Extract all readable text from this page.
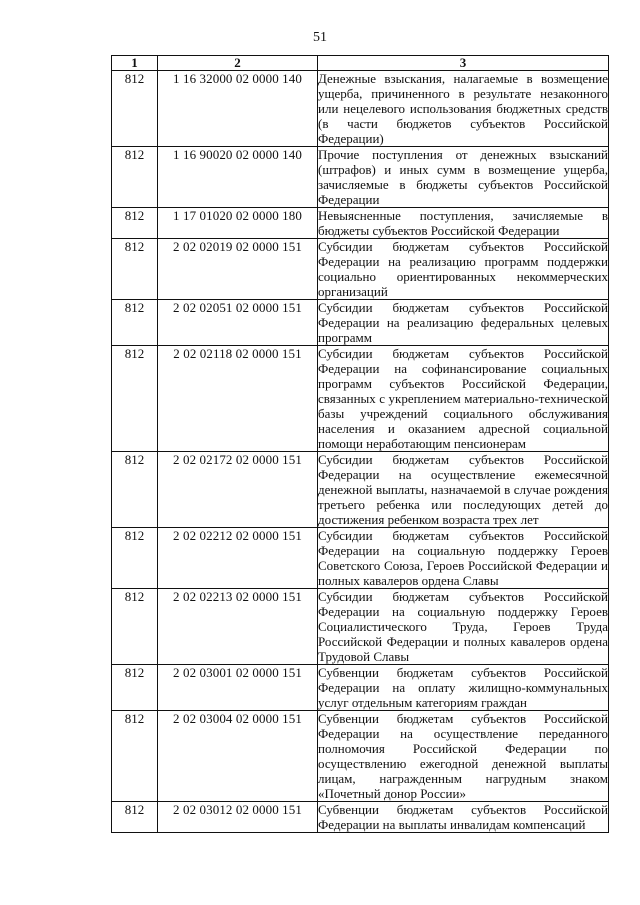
51
1	2	3
812	1 16 32000 02 0000 140	Денежные взыскания, налагаемые в возмещение ущерба, причиненного в результате незаконного или нецелевого использования бюджетных средств (в части бюджетов субъектов Российской Федерации)
812	1 16 90020 02 0000 140	Прочие поступления от денежных взысканий (штрафов) и иных сумм в возмещение ущерба, зачисляемые в бюджеты субъектов Российской Федерации
812	1 17 01020 02 0000 180	Невыясненные поступления, зачисляемые в бюджеты субъектов Российской Федерации
812	2 02 02019 02 0000 151	Субсидии бюджетам субъектов Российской Федерации на реализацию программ поддержки социально ориентированных некоммерческих организаций
812	2 02 02051 02 0000 151	Субсидии бюджетам субъектов Российской Федерации на реализацию федеральных целевых программ
812	2 02 02118 02 0000 151	Субсидии бюджетам субъектов Российской Федерации на софинансирование социальных программ субъектов Российской Федерации, связанных с укреплением материально-технической базы учреждений социального обслуживания населения и оказанием адресной социальной помощи неработающим пенсионерам
812	2 02 02172 02 0000 151	Субсидии бюджетам субъектов Российской Федерации на осуществление ежемесячной денежной выплаты, назначаемой в случае рождения третьего ребенка или последующих детей до достижения ребенком возраста трех лет
812	2 02 02212 02 0000 151	Субсидии бюджетам субъектов Российской Федерации на социальную поддержку Героев Советского Союза, Героев Российской Федерации и полных кавалеров ордена Славы
812	2 02 02213 02 0000 151	Субсидии бюджетам субъектов Российской Федерации на социальную поддержку Героев Социалистического Труда, Героев Труда Российской Федерации и полных кавалеров ордена Трудовой Славы
812	2 02 03001 02 0000 151	Субвенции бюджетам субъектов Российской Федерации на оплату жилищно-коммунальных услуг отдельным категориям граждан
812	2 02 03004 02 0000 151	Субвенции бюджетам субъектов Российской Федерации на осуществление переданного полномочия Российской Федерации по осуществлению ежегодной денежной выплаты лицам, награжденным нагрудным знаком «Почетный донор России»
812	2 02 03012 02 0000 151	Субвенции бюджетам субъектов Российской Федерации на выплаты инвалидам компенсаций
